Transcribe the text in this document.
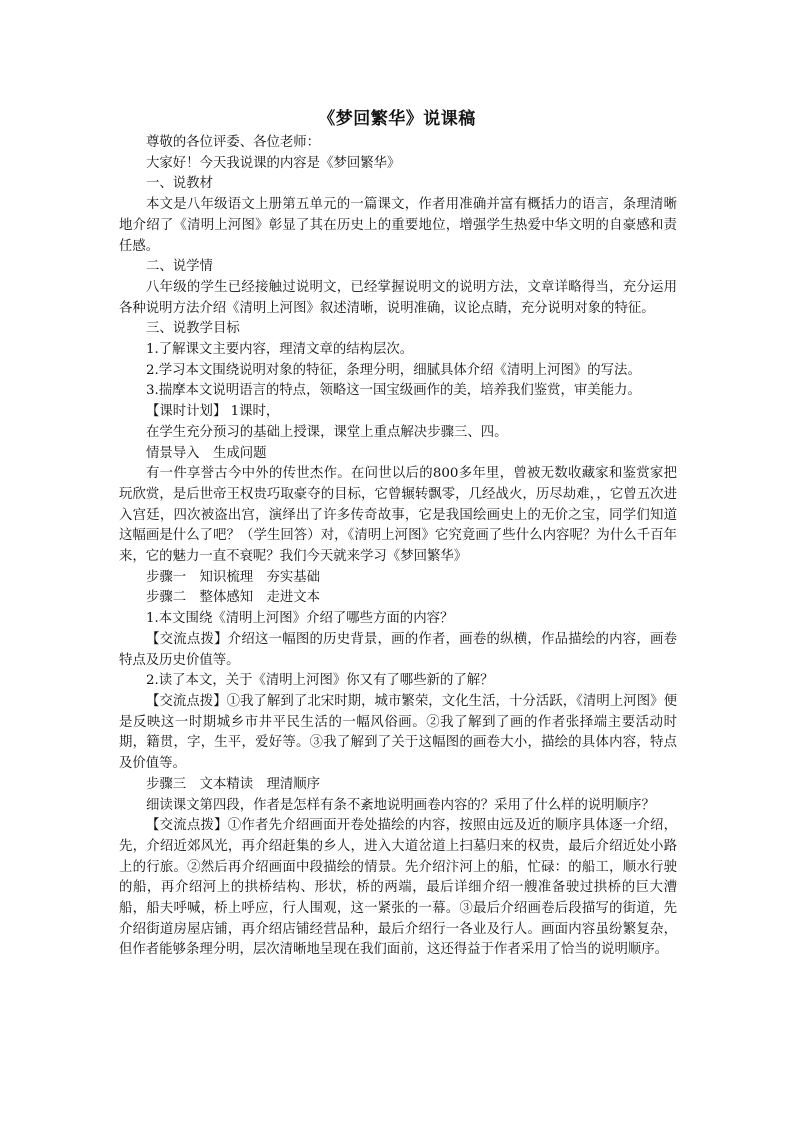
《梦回繁华》说课稿

尊敬的各位评委、各位老师：

大家好！今天我说课的内容是《梦回繁华》

一、说教材

本文是八年级语文上册第五单元的一篇课文，作者用准确并富有概括力的语言，条理清晰地介绍了《清明上河图》彰显了其在历史上的重要地位，增强学生热爱中华文明的自豪感和责任感。

二、说学情

八年级的学生已经接触过说明文，已经掌握说明文的说明方法，文章详略得当，充分运用各种说明方法介绍《清明上河图》叙述清晰，说明准确，议论点睛，充分说明对象的特征。

三、说教学目标

1.了解课文主要内容，理清文章的结构层次。

2.学习本文围绕说明对象的特征，条理分明，细腻具体介绍《清明上河图》的写法。

3.揣摩本文说明语言的特点，领略这一国宝级画作的美，培养我们鉴赏，审美能力。

【课时计划】 1课时，

在学生充分预习的基础上授课，课堂上重点解决步骤三、四。

情景导入　生成问题

有一件享誉古今中外的传世杰作。在问世以后的800多年里，曾被无数收藏家和鉴赏家把玩欣赏，是后世帝王权贵巧取豪夺的目标，它曾辗转飘零，几经战火，历尽劫难，，它曾五次进入宫廷，四次被盗出宫，演绎出了许多传奇故事，它是我国绘画史上的无价之宝，同学们知道这幅画是什么了吧？（学生回答）对，《清明上河图》它究竟画了些什么内容呢？为什么千百年来，它的魅力一直不衰呢？我们今天就来学习《梦回繁华》

步骤一　知识梳理　夯实基础

步骤二　整体感知　走进文本

1.本文围绕《清明上河图》介绍了哪些方面的内容？

【交流点拨】介绍这一幅图的历史背景，画的作者，画卷的纵横，作品描绘的内容，画卷特点及历史价值等。

2.读了本文，关于《清明上河图》你又有了哪些新的了解？

【交流点拨】①我了解到了北宋时期，城市繁荣，文化生活，十分活跃，《清明上河图》便是反映这一时期城乡市井平民生活的一幅风俗画。②我了解到了画的作者张择端主要活动时期，籍贯，字，生平，爱好等。③我了解到了关于这幅图的画卷大小，描绘的具体内容，特点及价值等。

步骤三　文本精读　理清顺序

细读课文第四段，作者是怎样有条不紊地说明画卷内容的？采用了什么样的说明顺序？

【交流点拨】①作者先介绍画面开卷处描绘的内容，按照由远及近的顺序具体逐一介绍，先，介绍近郊风光，再介绍赶集的乡人，进入大道岔道上扫墓归来的权贵，最后介绍近处小路上的行旅。②然后再介绍画面中段描绘的情景。先介绍汴河上的船，忙碌：的船工，顺水行驶的船，再介绍河上的拱桥结构、形状，桥的两端，最后详细介绍一艘准备驶过拱桥的巨大漕船，船夫呼喊，桥上呼应，行人围观，这一紧张的一幕。③最后介绍画卷后段描写的街道，先介绍街道房屋店铺，再介绍店铺经营品种，最后介绍行一各业及行人。画面内容虽纷繁复杂，但作者能够条理分明，层次清晰地呈现在我们面前，这还得益于作者采用了恰当的说明顺序。
